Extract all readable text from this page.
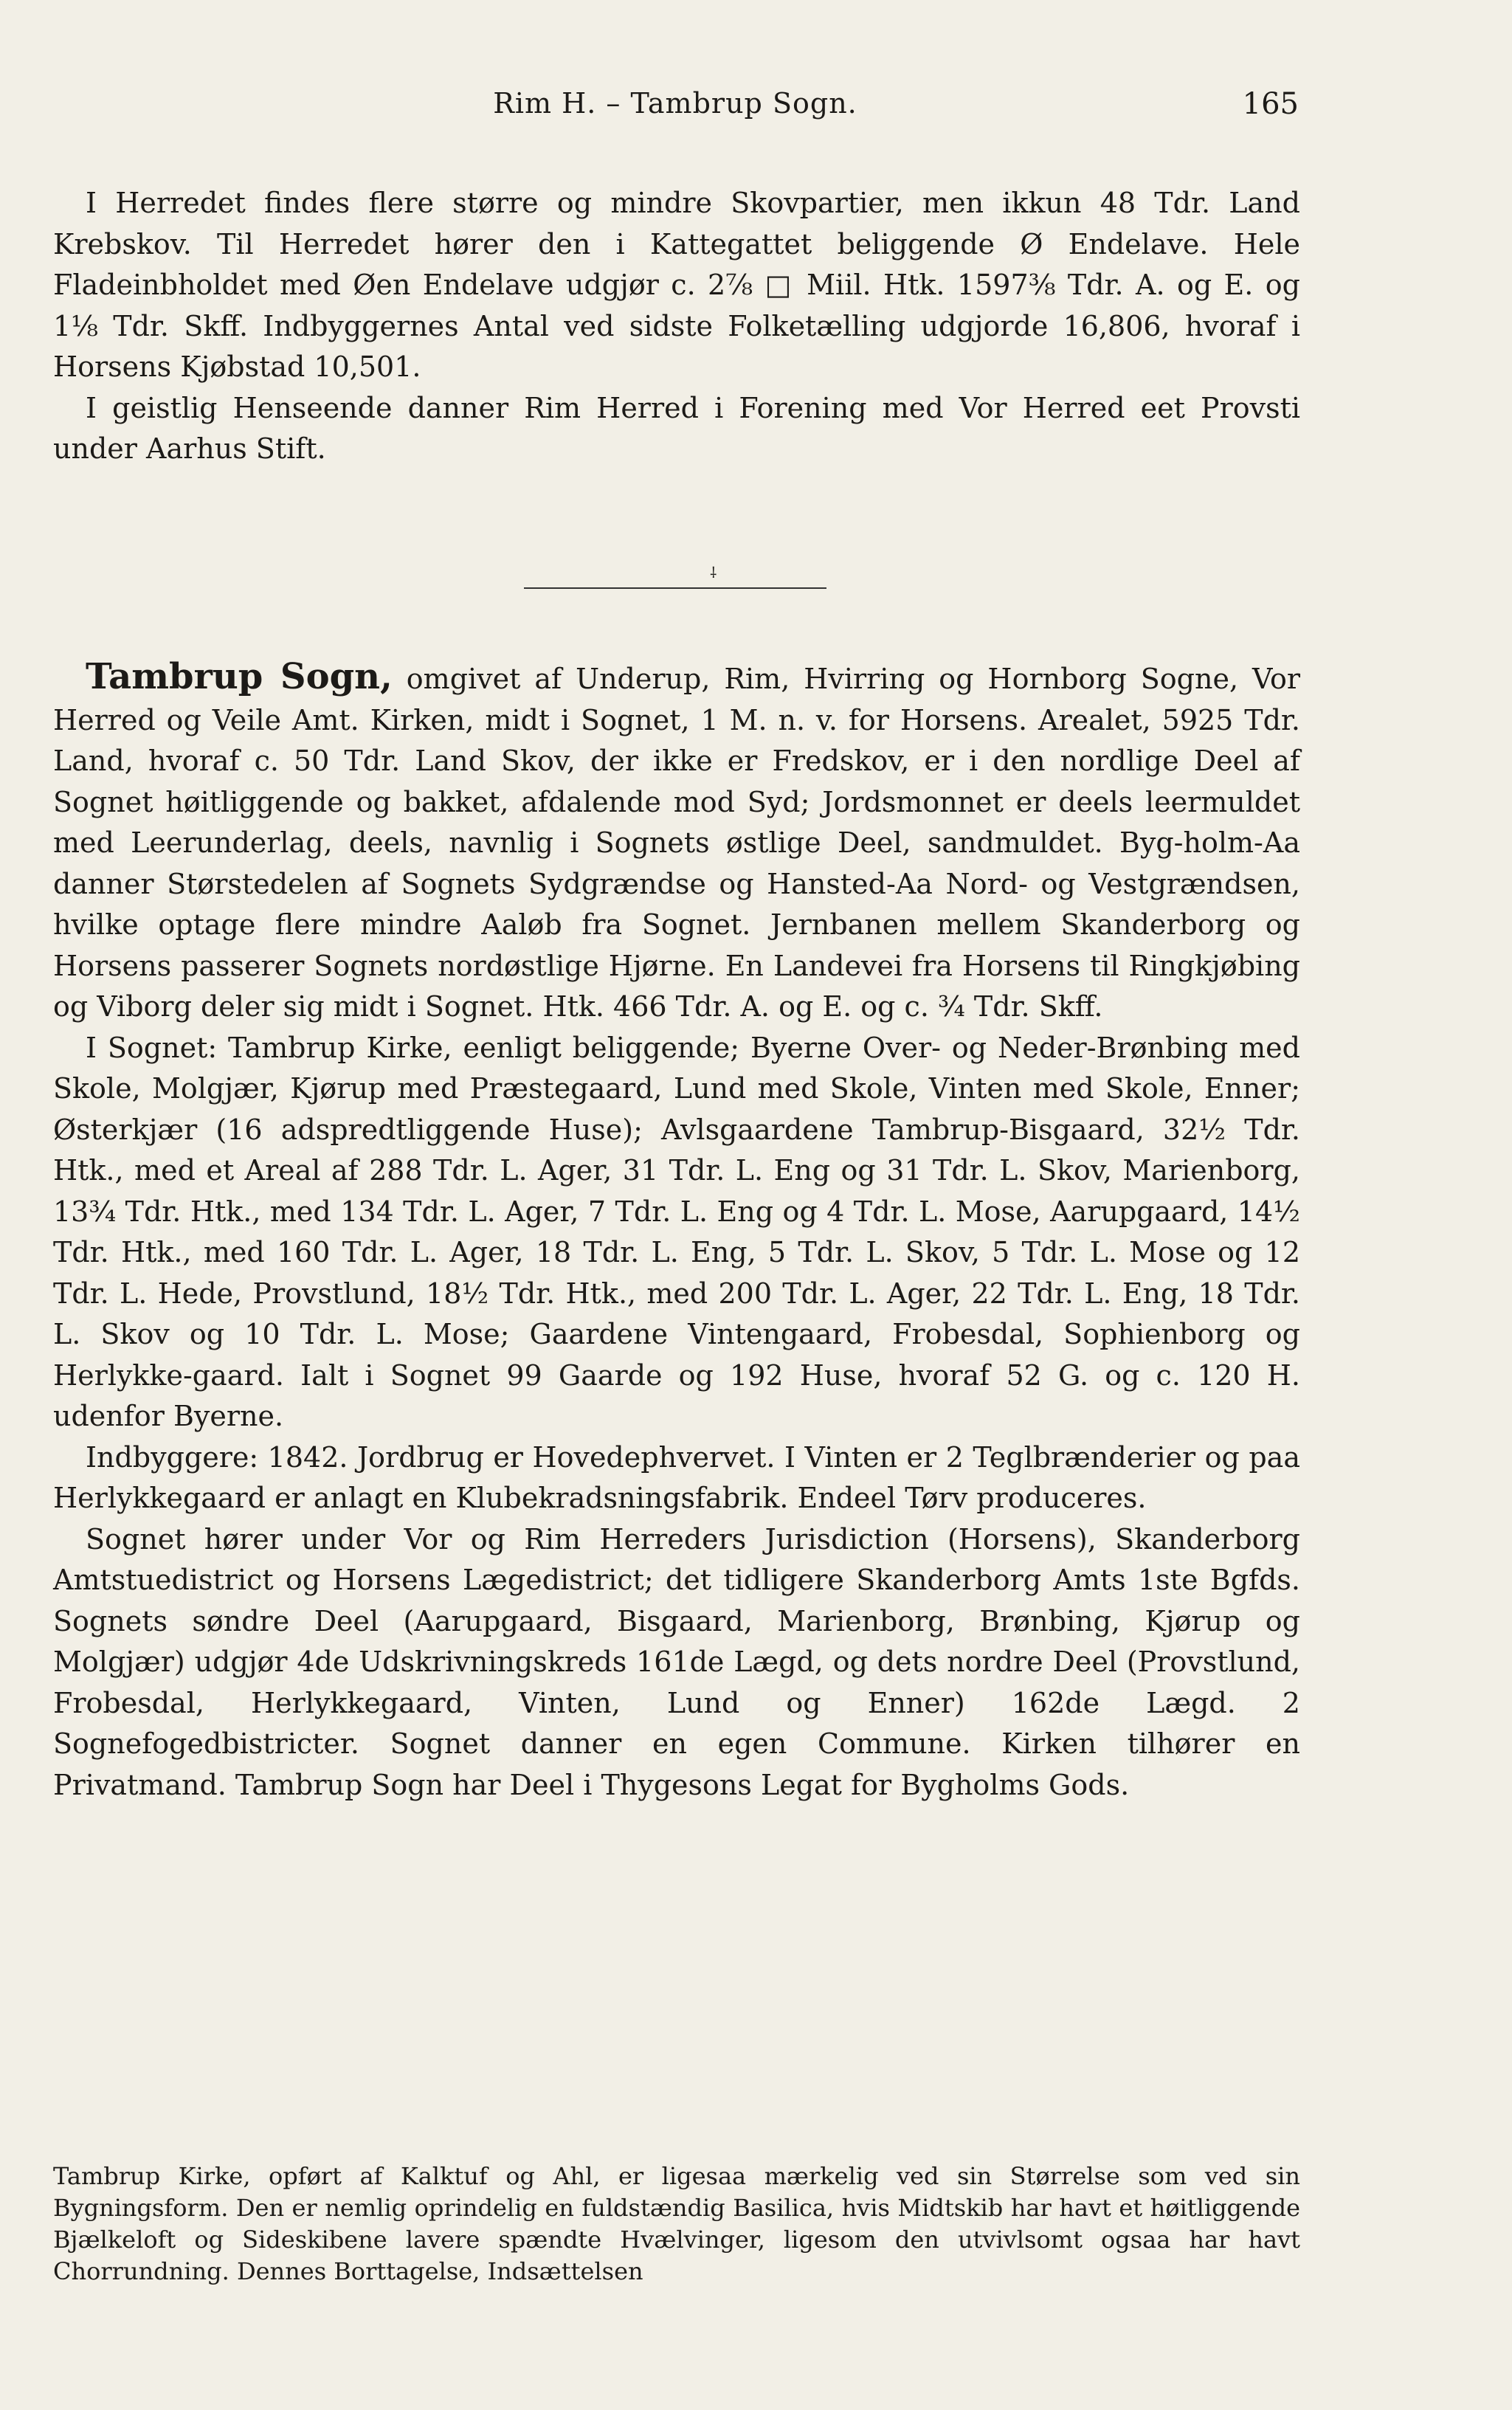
Rim H. – Tambrup Sogn.	165

I Herredet findes flere større og mindre Skovpartier, men ikkun 48 Tdr. Land Krebskov. Til Herredet hører den i Kattegattet beliggende Ø Endelave. Hele Fladeinbholdet med Øen Endelave udgjør c. 2⅞ □ Miil. Htk. 1597⅜ Tdr. A. og E. og 1⅛ Tdr. Skff. Indbyggernes Antal ved sidste Folketælling udgjorde 16,806, hvoraf i Horsens Kjøbstad 10,501.

I geistlig Henseende danner Rim Herred i Forening med Vor Herred eet Provsti under Aarhus Stift.

⸸

Tambrup Sogn, omgivet af Underup, Rim, Hvirring og Hornborg Sogne, Vor Herred og Veile Amt. Kirken, midt i Sognet, 1 M. n. v. for Horsens. Arealet, 5925 Tdr. Land, hvoraf c. 50 Tdr. Land Skov, der ikke er Fredskov, er i den nordlige Deel af Sognet høitliggende og bakket, afdalende mod Syd; Jordsmonnet er deels leermuldet med Leerunderlag, deels, navnlig i Sognets østlige Deel, sandmuldet. Byg-holm-Aa danner Størstedelen af Sognets Sydgrændse og Hansted-Aa Nord- og Vestgrændsen, hvilke optage flere mindre Aaløb fra Sognet. Jernbanen mellem Skanderborg og Horsens passerer Sognets nordøstlige Hjørne. En Landevei fra Horsens til Ringkjøbing og Viborg deler sig midt i Sognet. Htk. 466 Tdr. A. og E. og c. ¾ Tdr. Skff.

I Sognet: Tambrup Kirke, eenligt beliggende; Byerne Over- og Neder-Brønbing med Skole, Molgjær, Kjørup med Præstegaard, Lund med Skole, Vinten med Skole, Enner; Østerkjær (16 adspredtliggende Huse); Avlsgaardene Tambrup-Bisgaard, 32½ Tdr. Htk., med et Areal af 288 Tdr. L. Ager, 31 Tdr. L. Eng og 31 Tdr. L. Skov, Marienborg, 13¾ Tdr. Htk., med 134 Tdr. L. Ager, 7 Tdr. L. Eng og 4 Tdr. L. Mose, Aarupgaard, 14½ Tdr. Htk., med 160 Tdr. L. Ager, 18 Tdr. L. Eng, 5 Tdr. L. Skov, 5 Tdr. L. Mose og 12 Tdr. L. Hede, Provstlund, 18½ Tdr. Htk., med 200 Tdr. L. Ager, 22 Tdr. L. Eng, 18 Tdr. L. Skov og 10 Tdr. L. Mose; Gaardene Vintengaard, Frobesdal, Sophienborg og Herlykke-gaard. Ialt i Sognet 99 Gaarde og 192 Huse, hvoraf 52 G. og c. 120 H. udenfor Byerne.

Indbyggere: 1842. Jordbrug er Hovedерhvervet. I Vinten er 2 Teglbrænderier og paa Herlykkegaard er anlagt en Klubekradsningsfabrik. Endeel Tørv produceres.

Sognet hører under Vor og Rim Herreders Jurisdiction (Horsens), Skanderborg Amtstuedistrict og Horsens Lægedistrict; det tidligere Skanderborg Amts 1ste Bgfds. Sognets søndre Deel (Aarupgaard, Bisgaard, Marienborg, Brønbing, Kjørup og Molgjær) udgjør 4de Udskrivningskreds 161de Lægd, og dets nordre Deel (Provstlund, Frobesdal, Herlykkegaard, Vinten, Lund og Enner) 162de Lægd. 2 Sognefogedbistricter. Sognet danner en egen Commune. Kirken tilhører en Privatmand. Tambrup Sogn har Deel i Thygesons Legat for Bygholms Gods.

Tambrup Kirke, opført af Kalktuf og Ahl, er ligesaa mærkelig ved sin Størrelse som ved sin Bygningsform. Den er nemlig oprindelig en fuldstændig Basilica, hvis Midtskib har havt et høitliggende Bjælkeloft og Sideskibene lavere spændte Hvælvinger, ligesom den utvivlsomt ogsaa har havt Chorrundning. Dennes Borttagelse, Indsættelsen
